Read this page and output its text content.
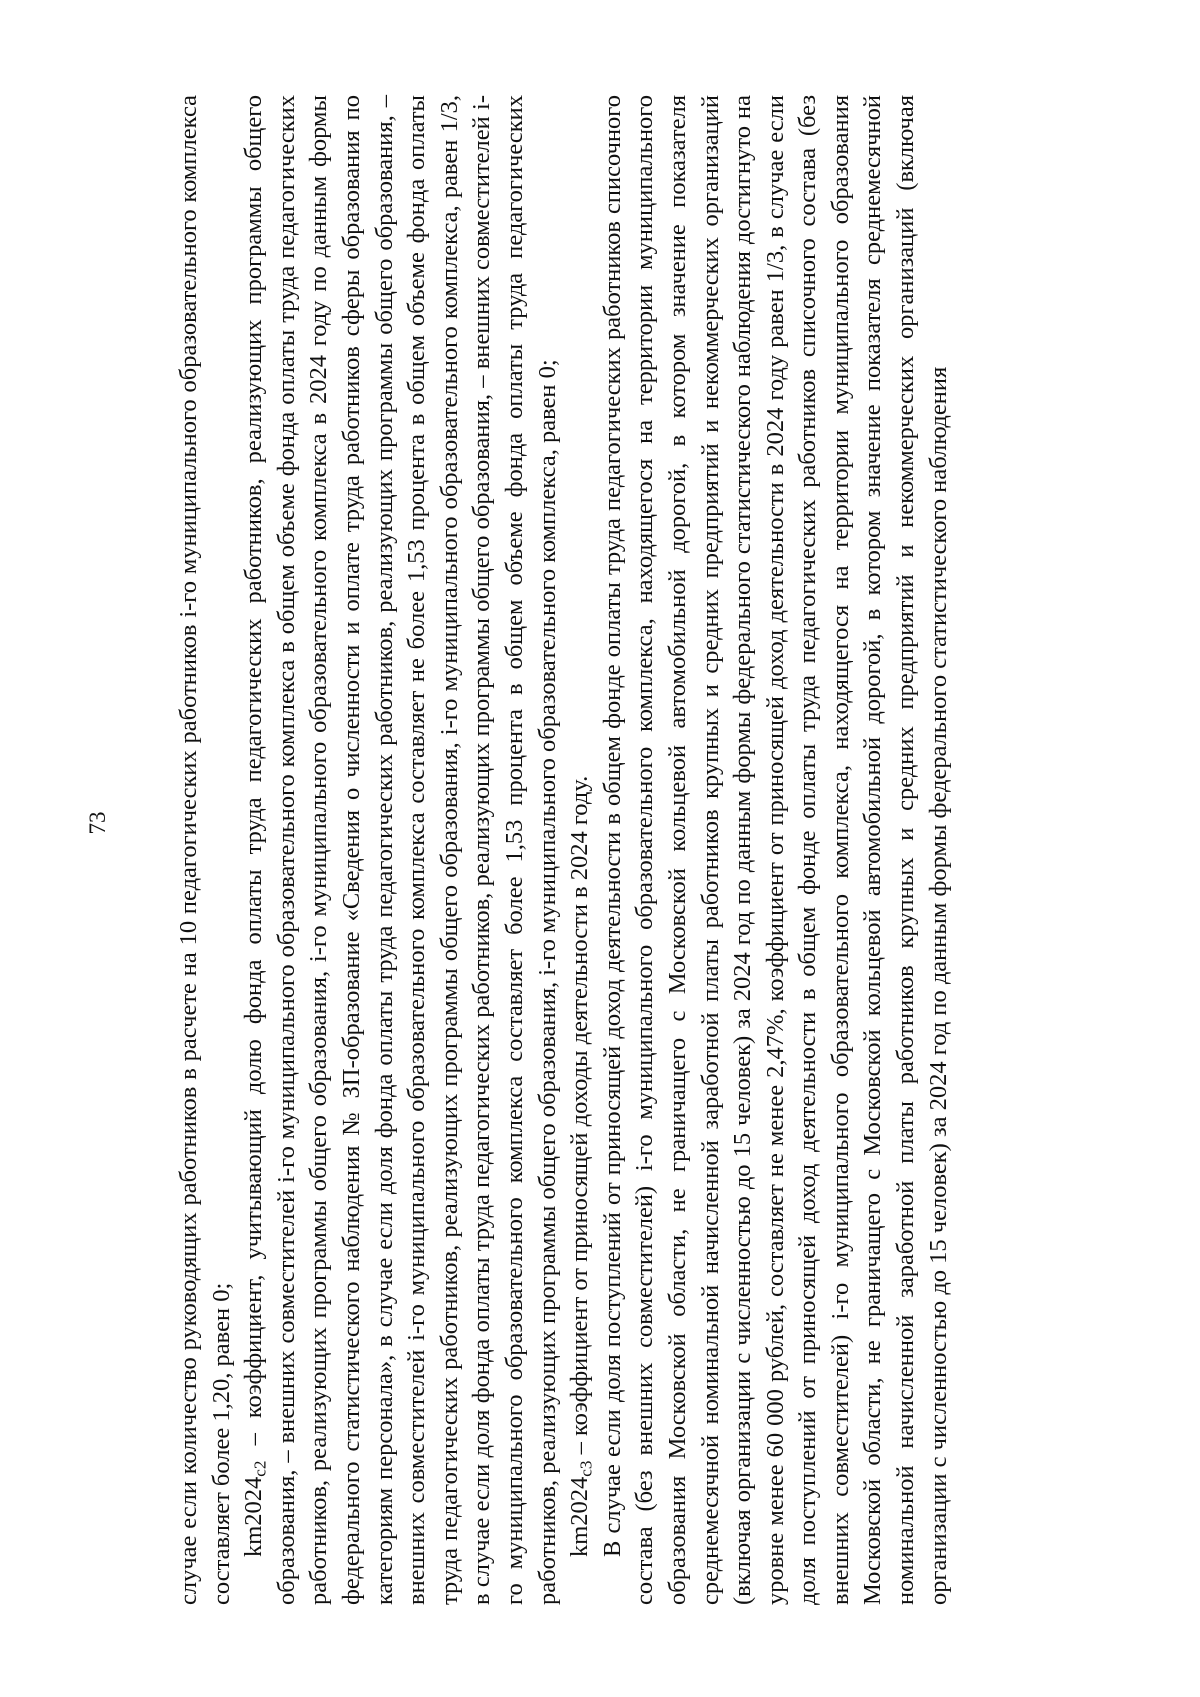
73	случае если количество руководящих работников в расчете на 10 педагогических работников i-го муниципального образовательного комплекса составляет более 1,20, равен 0; km2024с2 – коэффициент, учитывающий долю фонда оплаты труда педагогических работников, реализующих программы общего образования, – внешних совместителей i-го муниципального образовательного комплекса в общем объеме фонда оплаты труда педагогических работников, реализующих программы общего образования, i-го муниципального образовательного комплекса в 2024 году по данным формы федерального статистического наблюдения № ЗП-образование «Сведения о численности и оплате труда работников сферы образования по категориям персонала», в случае если доля фонда оплаты труда педагогических работников, реализующих программы общего образования, – внешних совместителей i-го муниципального образовательного комплекса составляет не более 1,53 процента в общем объеме фонда оплаты труда педагогических работников, реализующих программы общего образования, i-го муниципального образовательного комплекса, равен 1/3, в случае если доля фонда оплаты труда педагогических работников, реализующих программы общего образования, – внешних совместителей i-го муниципального образовательного комплекса составляет более 1,53 процента в общем объеме фонда оплаты труда педагогических работников, реализующих программы общего образования, i-го муниципального образовательного комплекса, равен 0; km2024с3 – коэффициент от приносящей доходы деятельности в 2024 году. В случае если доля поступлений от приносящей доход деятельности в общем фонде оплаты труда педагогических работников списочного состава (без внешних совместителей) i-го муниципального образовательного комплекса, находящегося на территории муниципального образования Московской области, не граничащего с Московской кольцевой автомобильной дорогой, в котором значение показателя среднемесячной номинальной начисленной заработной платы работников крупных и средних предприятий и некоммерческих организаций (включая организации с численностью до 15 человек) за 2024 год по данным формы федерального статистического наблюдения достигнуто на уровне менее 60 000 рублей, составляет не менее 2,47%, коэффициент от приносящей доход деятельности в 2024 году равен 1/3, в случае если доля поступлений от приносящей доход деятельности в общем фонде оплаты труда педагогических работников списочного состава (без внешних совместителей) i-го муниципального образовательного комплекса, находящегося на территории муниципального образования Московской области, не граничащего с Московской кольцевой автомобильной дорогой, в котором значение показателя среднемесячной номинальной начисленной заработной платы работников крупных и средних предприятий и некоммерческих организаций (включая организации с численностью до 15 человек) за 2024 год по данным формы федерального статистического наблюдения
